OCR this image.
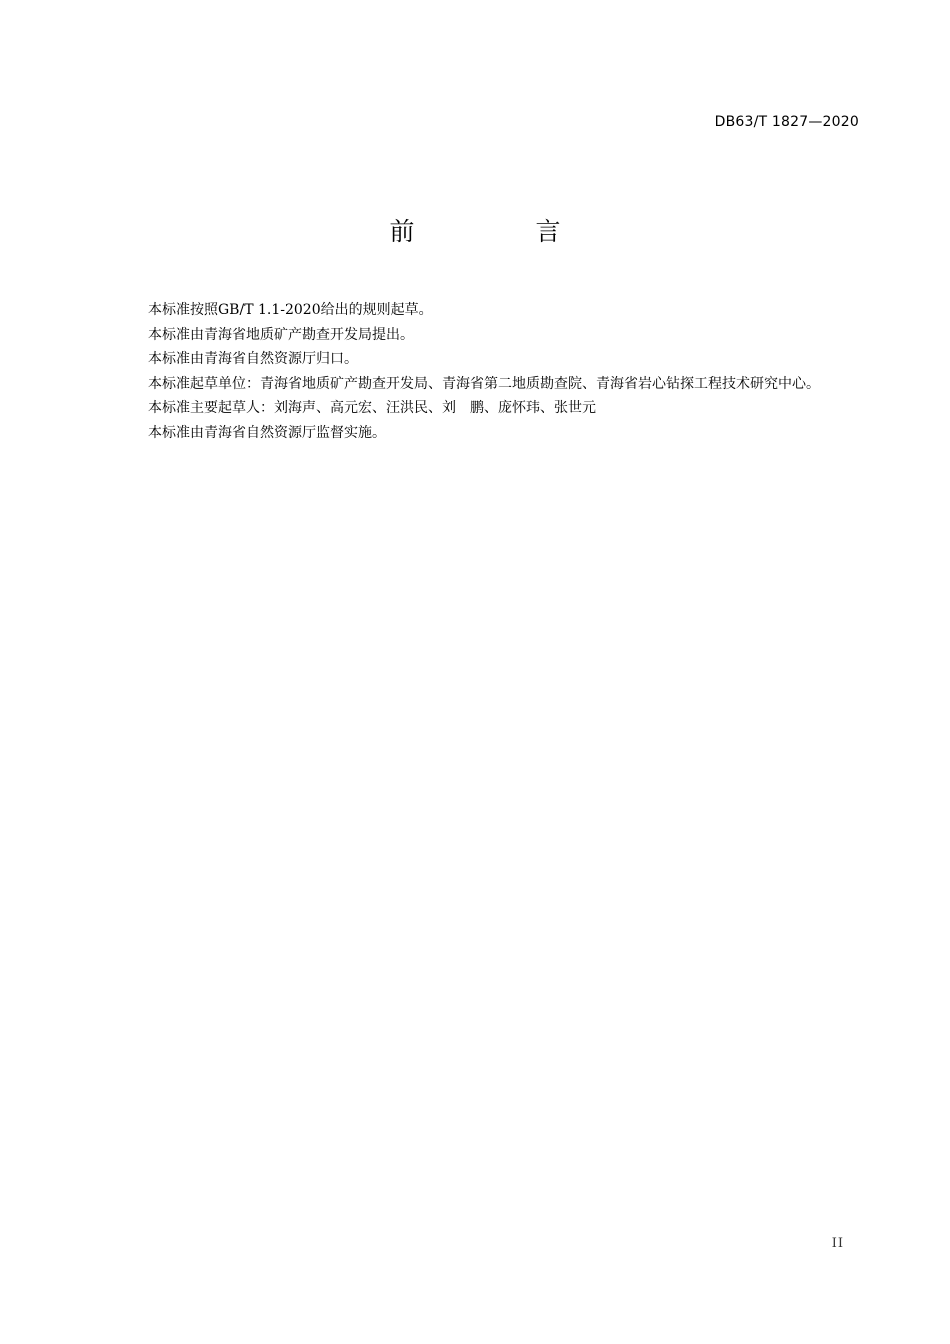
DB63/T 1827—2020
前　言

本标准按照GB/T 1.1-2020给出的规则起草。

本标准由青海省地质矿产勘查开发局提出。

本标准由青海省自然资源厅归口。

本标准起草单位：青海省地质矿产勘查开发局、青海省第二地质勘查院、青海省岩心钻探工程技术研究中心。

本标准主要起草人：刘海声、高元宏、汪洪民、刘　鹏、庞怀玮、张世元

本标准由青海省自然资源厅监督实施。

II
